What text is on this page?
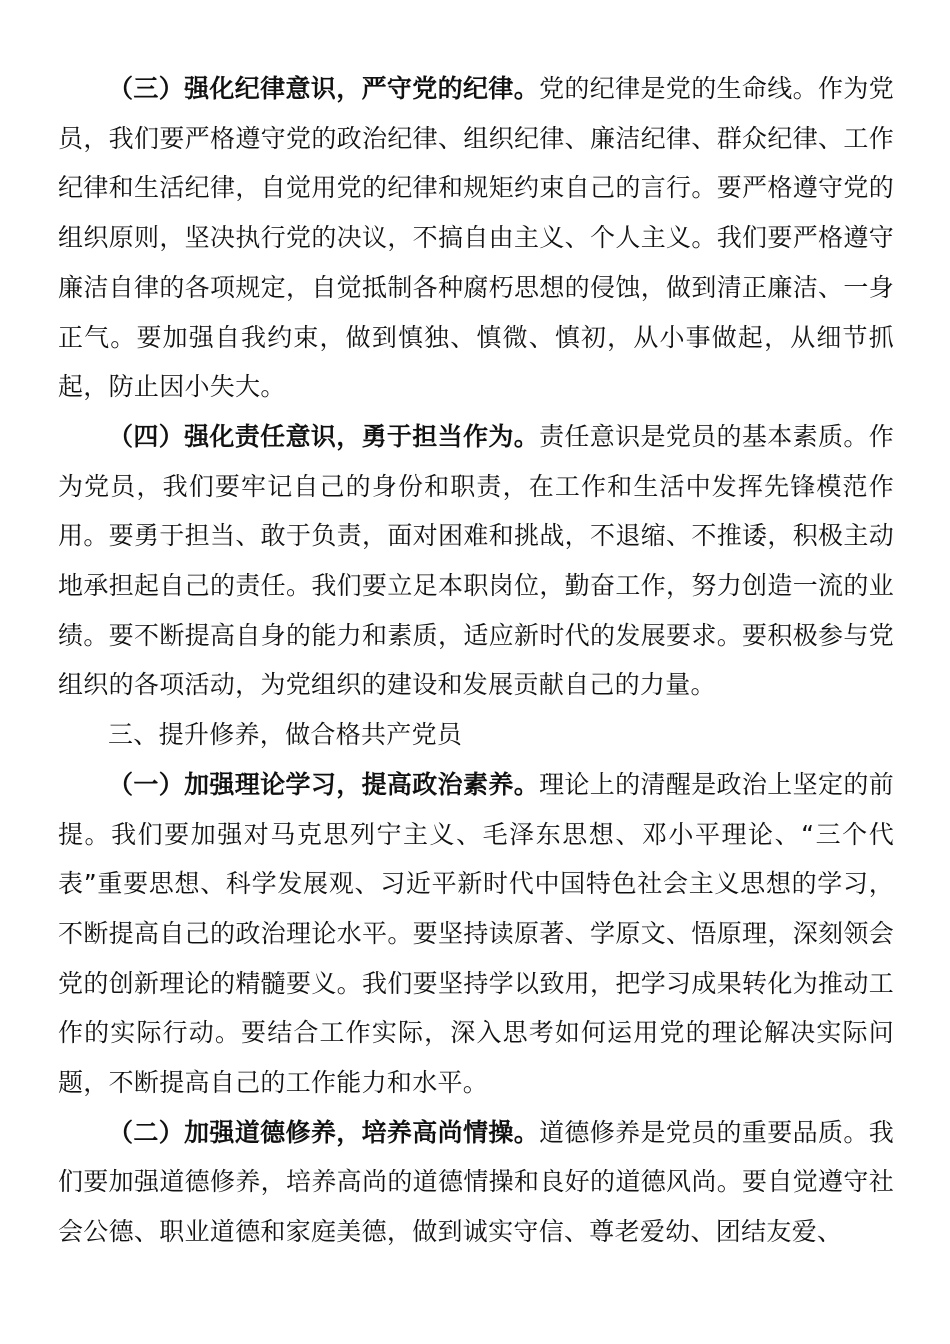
（三）强化纪律意识，严守党的纪律。党的纪律是党的生命线。作为党员，我们要严格遵守党的政治纪律、组织纪律、廉洁纪律、群众纪律、工作纪律和生活纪律，自觉用党的纪律和规矩约束自己的言行。要严格遵守党的组织原则，坚决执行党的决议，不搞自由主义、个人主义。我们要严格遵守廉洁自律的各项规定，自觉抵制各种腐朽思想的侵蚀，做到清正廉洁、一身正气。要加强自我约束，做到慎独、慎微、慎初，从小事做起，从细节抓起，防止因小失大。

（四）强化责任意识，勇于担当作为。责任意识是党员的基本素质。作为党员，我们要牢记自己的身份和职责，在工作和生活中发挥先锋模范作用。要勇于担当、敢于负责，面对困难和挑战，不退缩、不推诿，积极主动地承担起自己的责任。我们要立足本职岗位，勤奋工作，努力创造一流的业绩。要不断提高自身的能力和素质，适应新时代的发展要求。要积极参与党组织的各项活动，为党组织的建设和发展贡献自己的力量。

三、提升修养，做合格共产党员

（一）加强理论学习，提高政治素养。理论上的清醒是政治上坚定的前提。我们要加强对马克思列宁主义、毛泽东思想、邓小平理论、“三个代表”重要思想、科学发展观、习近平新时代中国特色社会主义思想的学习，不断提高自己的政治理论水平。要坚持读原著、学原文、悟原理，深刻领会党的创新理论的精髓要义。我们要坚持学以致用，把学习成果转化为推动工作的实际行动。要结合工作实际，深入思考如何运用党的理论解决实际问题，不断提高自己的工作能力和水平。

（二）加强道德修养，培养高尚情操。道德修养是党员的重要品质。我们要加强道德修养，培养高尚的道德情操和良好的道德风尚。要自觉遵守社会公德、职业道德和家庭美德，做到诚实守信、尊老爱幼、团结友爱、
